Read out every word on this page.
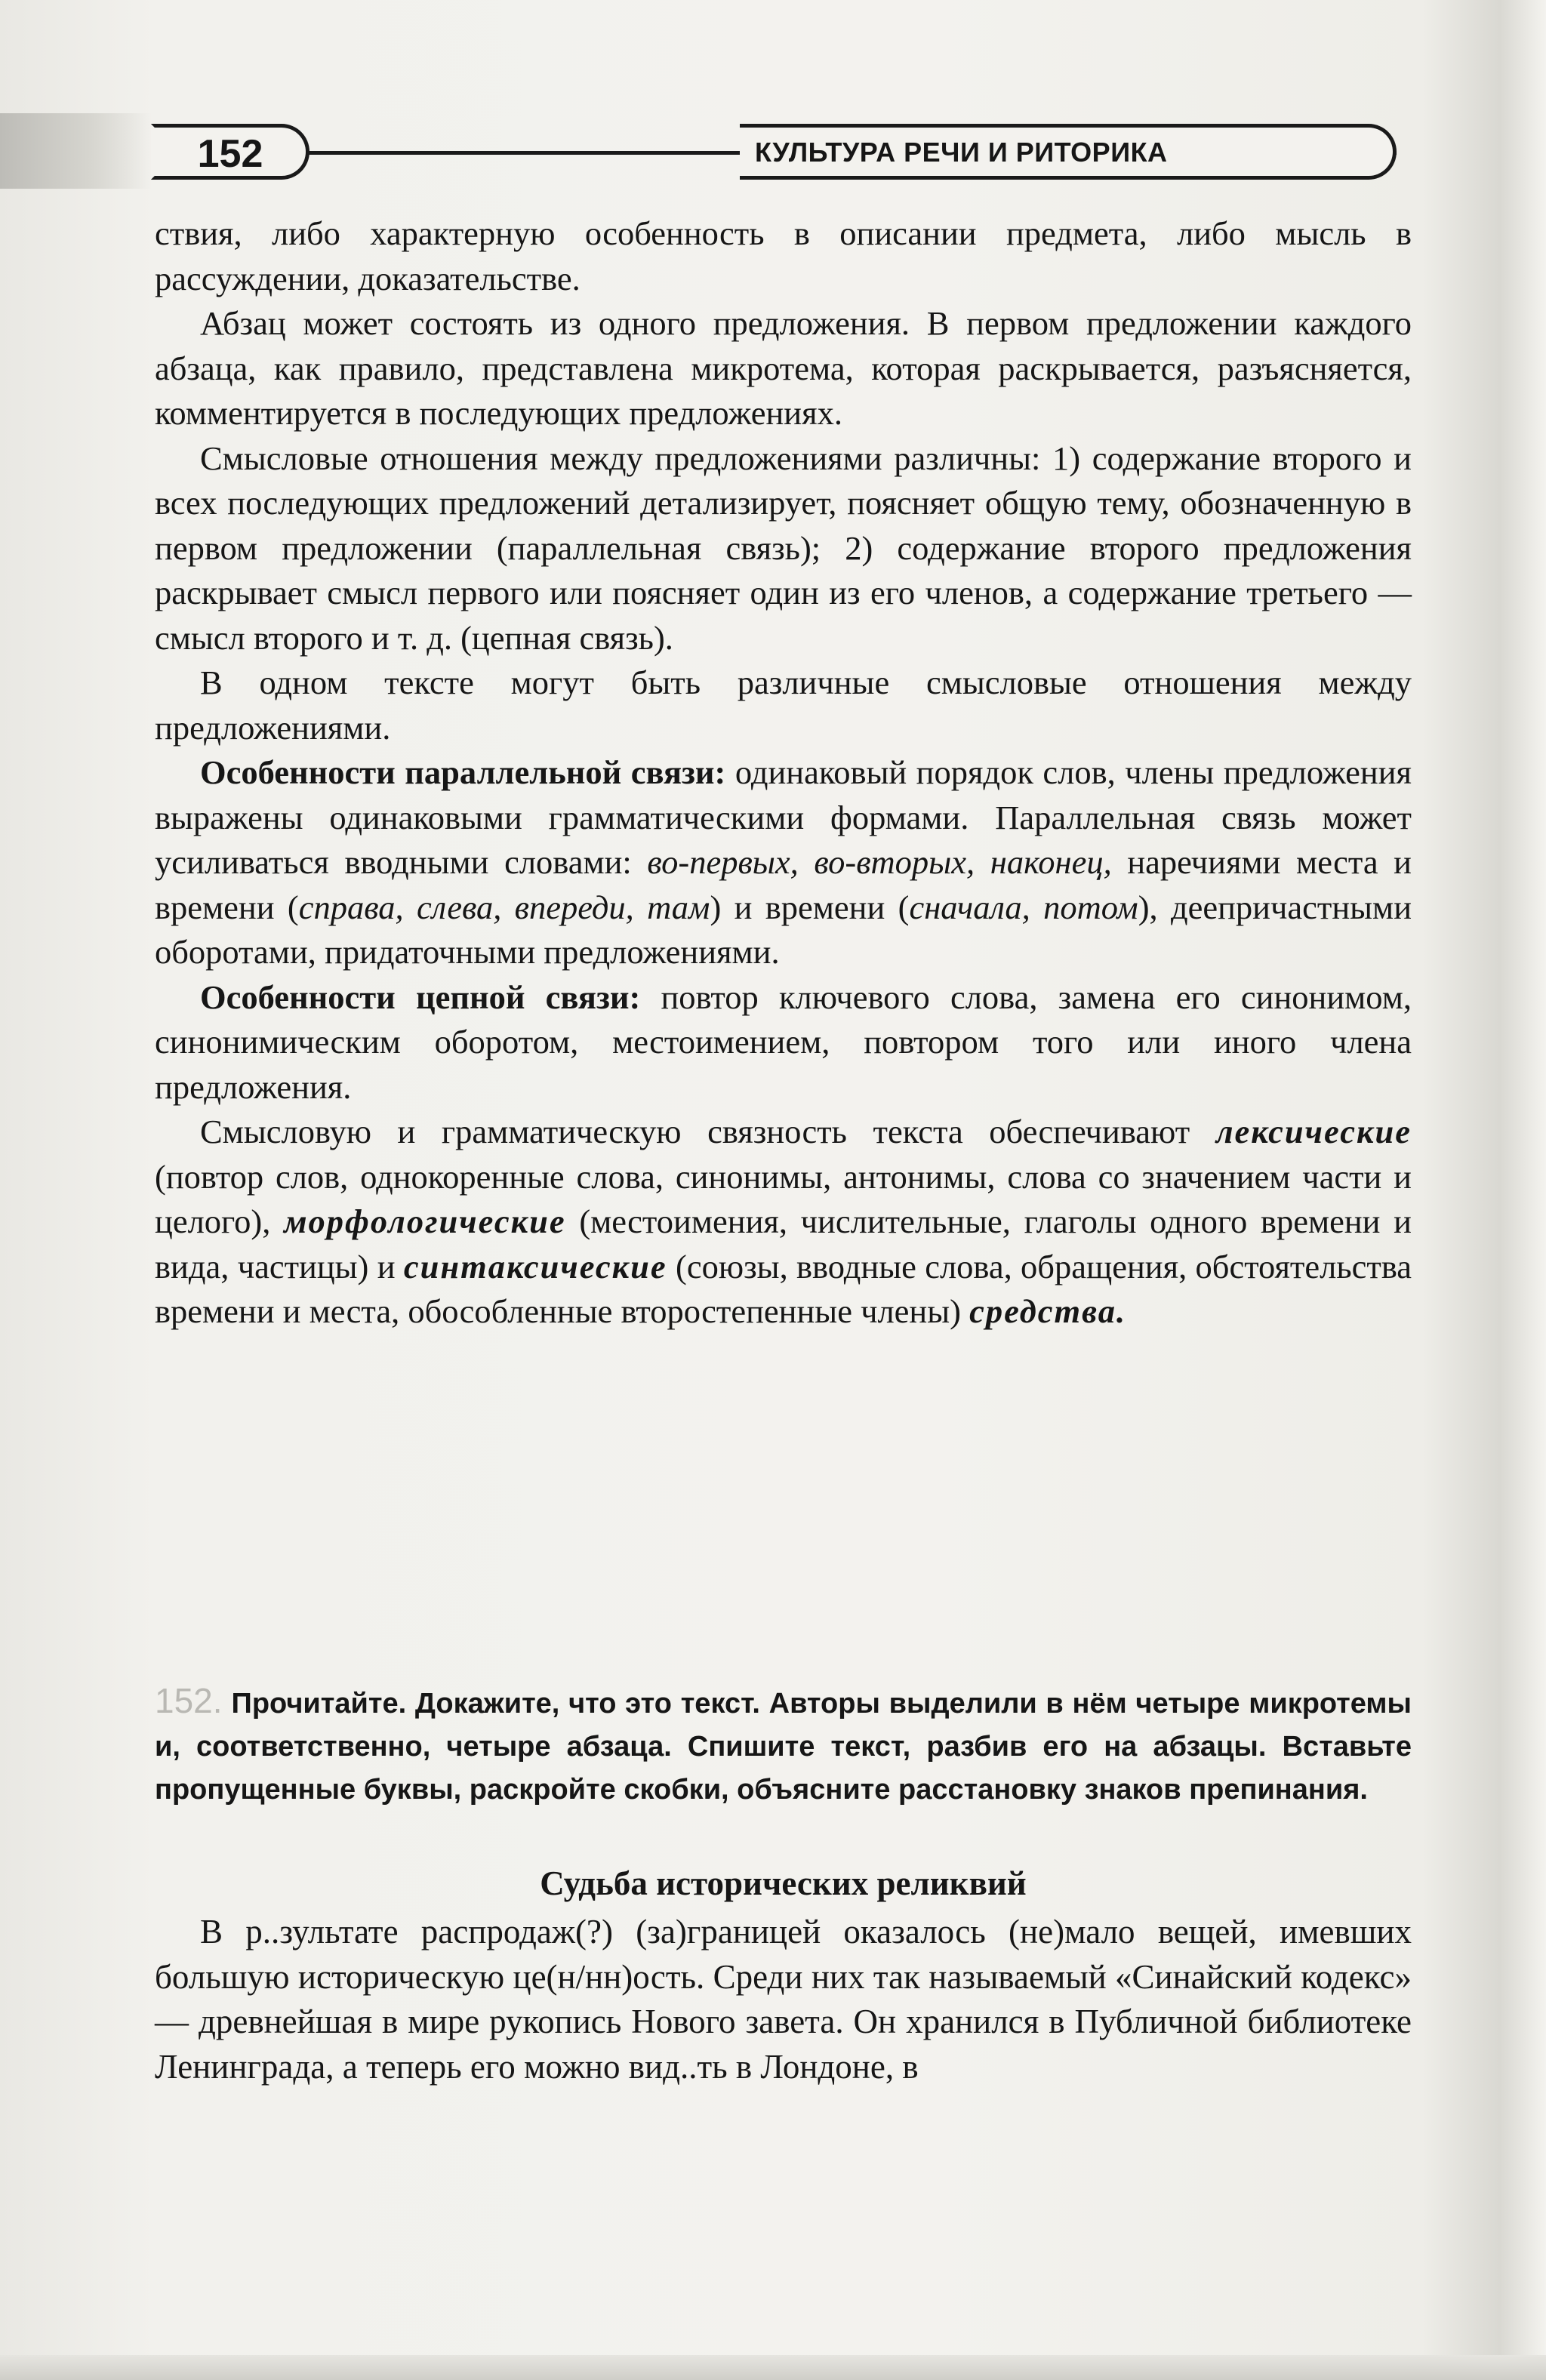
152	КУЛЬТУРА РЕЧИ И РИТОРИКА

ствия, либо характерную особенность в описании предмета, либо мысль в рассуждении, доказательстве.

Абзац может состоять из одного предложения. В первом предложении каждого абзаца, как правило, представлена микротема, которая раскрывается, разъясняется, комментируется в последующих предложениях.

Смысловые отношения между предложениями различны: 1) содержание второго и всех последующих предложений детализирует, поясняет общую тему, обозначенную в первом предложении (параллельная связь); 2) содержание второго предложения раскрывает смысл первого или поясняет один из его членов, а содержание третьего — смысл второго и т. д. (цепная связь).

В одном тексте могут быть различные смысловые отношения между предложениями.

Особенности параллельной связи: одинаковый порядок слов, члены предложения выражены одинаковыми грамматическими формами. Параллельная связь может усиливаться вводными словами: во-первых, во-вторых, наконец, наречиями места и времени (справа, слева, впереди, там) и времени (сначала, потом), деепричастными оборотами, придаточными предложениями.

Особенности цепной связи: повтор ключевого слова, замена его синонимом, синонимическим оборотом, местоимением, повтором того или иного члена предложения.

Смысловую и грамматическую связность текста обеспечивают лексические (повтор слов, однокоренные слова, синонимы, антонимы, слова со значением части и целого), морфологические (местоимения, числительные, глаголы одного времени и вида, частицы) и синтаксические (союзы, вводные слова, обращения, обстоятельства времени и места, обособленные второстепенные члены) средства.

152. Прочитайте. Докажите, что это текст. Авторы выделили в нём четыре микротемы и, соответственно, четыре абзаца. Спишите текст, разбив его на абзацы. Вставьте пропущенные буквы, раскройте скобки, объясните расстановку знаков препинания.
Судьба исторических реликвий

В р..зультате распродаж(?) (за)границей оказалось (не)мало вещей, имевших большую историческую це(н/нн)ость. Среди них так называемый «Синайский кодекс» — древнейшая в мире рукопись Нового завета. Он хранился в Публичной библиотеке Ленинграда, а теперь его можно вид..ть в Лондоне, в
